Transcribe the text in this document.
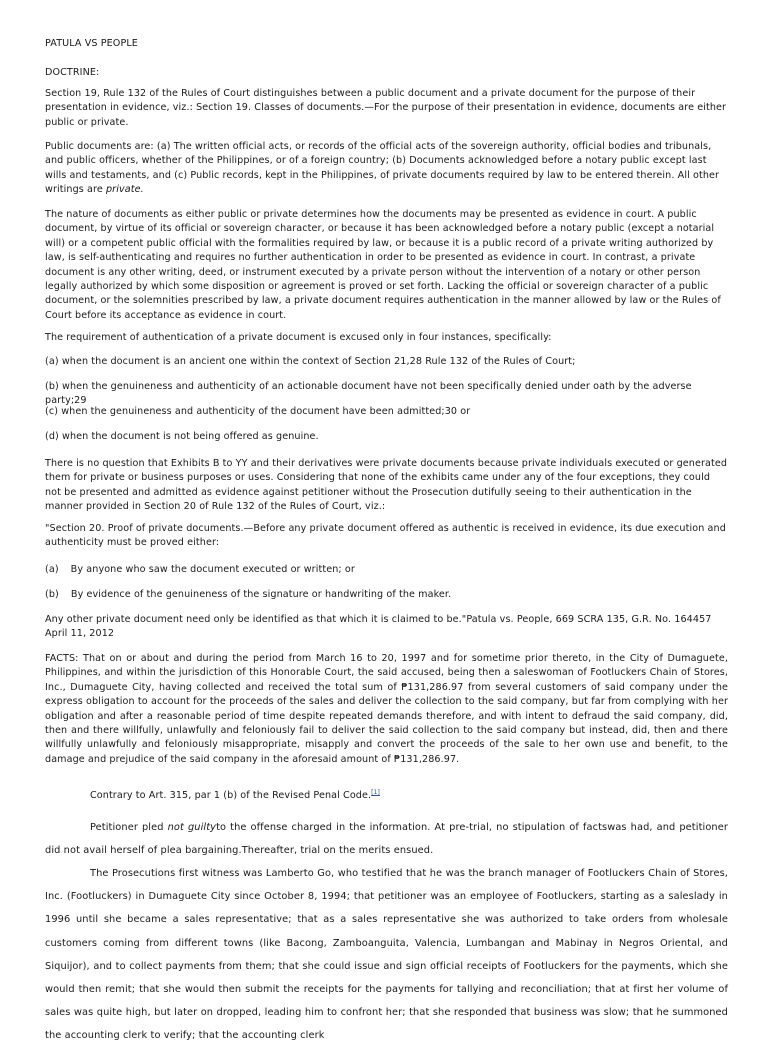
PATULA VS PEOPLE

DOCTRINE:

Section 19, Rule 132 of the Rules of Court distinguishes between a public document and a private document for the purpose of their presentation in evidence, viz.: Section 19. Classes of documents.—For the purpose of their presentation in evidence, documents are either public or private.

Public documents are: (a) The written official acts, or records of the official acts of the sovereign authority, official bodies and tribunals, and public officers, whether of the Philippines, or of a foreign country; (b) Documents acknowledged before a notary public except last wills and testaments, and (c) Public records, kept in the Philippines, of private documents required by law to be entered therein. All other writings are private.

The nature of documents as either public or private determines how the documents may be presented as evidence in court. A public document, by virtue of its official or sovereign character, or because it has been acknowledged before a notary public (except a notarial will) or a competent public official with the formalities required by law, or because it is a public record of a private writing authorized by law, is self-authenticating and requires no further authentication in order to be presented as evidence in court. In contrast, a private document is any other writing, deed, or instrument executed by a private person without the intervention of a notary or other person legally authorized by which some disposition or agreement is proved or set forth. Lacking the official or sovereign character of a public document, or the solemnities prescribed by law, a private document requires authentication in the manner allowed by law or the Rules of Court before its acceptance as evidence in court.

The requirement of authentication of a private document is excused only in four instances, specifically:

(a) when the document is an ancient one within the context of Section 21,28 Rule 132 of the Rules of Court;

(b) when the genuineness and authenticity of an actionable document have not been specifically denied under oath by the adverse party;29

(c) when the genuineness and authenticity of the document have been admitted;30 or

(d) when the document is not being offered as genuine.

There is no question that Exhibits B to YY and their derivatives were private documents because private individuals executed or generated them for private or business purposes or uses. Considering that none of the exhibits came under any of the four exceptions, they could not be presented and admitted as evidence against petitioner without the Prosecution dutifully seeing to their authentication in the manner provided in Section 20 of Rule 132 of the Rules of Court, viz.:

"Section 20. Proof of private documents.—Before any private document offered as authentic is received in evidence, its due execution and authenticity must be proved either:

(a) By anyone who saw the document executed or written; or

(b) By evidence of the genuineness of the signature or handwriting of the maker.

Any other private document need only be identified as that which it is claimed to be."Patula vs. People, 669 SCRA 135, G.R. No. 164457 April 11, 2012

FACTS: That on or about and during the period from March 16 to 20, 1997 and for sometime prior thereto, in the City of Dumaguete, Philippines, and within the jurisdiction of this Honorable Court, the said accused, being then a saleswoman of Footluckers Chain of Stores, Inc., Dumaguete City, having collected and received the total sum of ₱131,286.97 from several customers of said company under the express obligation to account for the proceeds of the sales and deliver the collection to the said company, but far from complying with her obligation and after a reasonable period of time despite repeated demands therefore, and with intent to defraud the said company, did, then and there willfully, unlawfully and feloniously fail to deliver the said collection to the said company but instead, did, then and there willfully unlawfully and feloniously misappropriate, misapply and convert the proceeds of the sale to her own use and benefit, to the damage and prejudice of the said company in the aforesaid amount of ₱131,286.97.

Contrary to Art. 315, par 1 (b) of the Revised Penal Code.[1]

Petitioner pled not guiltyto the offense charged in the information. At pre-trial, no stipulation of factswas had, and petitioner did not avail herself of plea bargaining.Thereafter, trial on the merits ensued.

The Prosecutions first witness was Lamberto Go, who testified that he was the branch manager of Footluckers Chain of Stores, Inc. (Footluckers) in Dumaguete City since October 8, 1994; that petitioner was an employee of Footluckers, starting as a saleslady in 1996 until she became a sales representative; that as a sales representative she was authorized to take orders from wholesale customers coming from different towns (like Bacong, Zamboanguita, Valencia, Lumbangan and Mabinay in Negros Oriental, and Siquijor), and to collect payments from them; that she could issue and sign official receipts of Footluckers for the payments, which she would then remit; that she would then submit the receipts for the payments for tallying and reconciliation; that at first her volume of sales was quite high, but later on dropped, leading him to confront her; that she responded that business was slow; that he summoned the accounting clerk to verify; that the accounting clerk
